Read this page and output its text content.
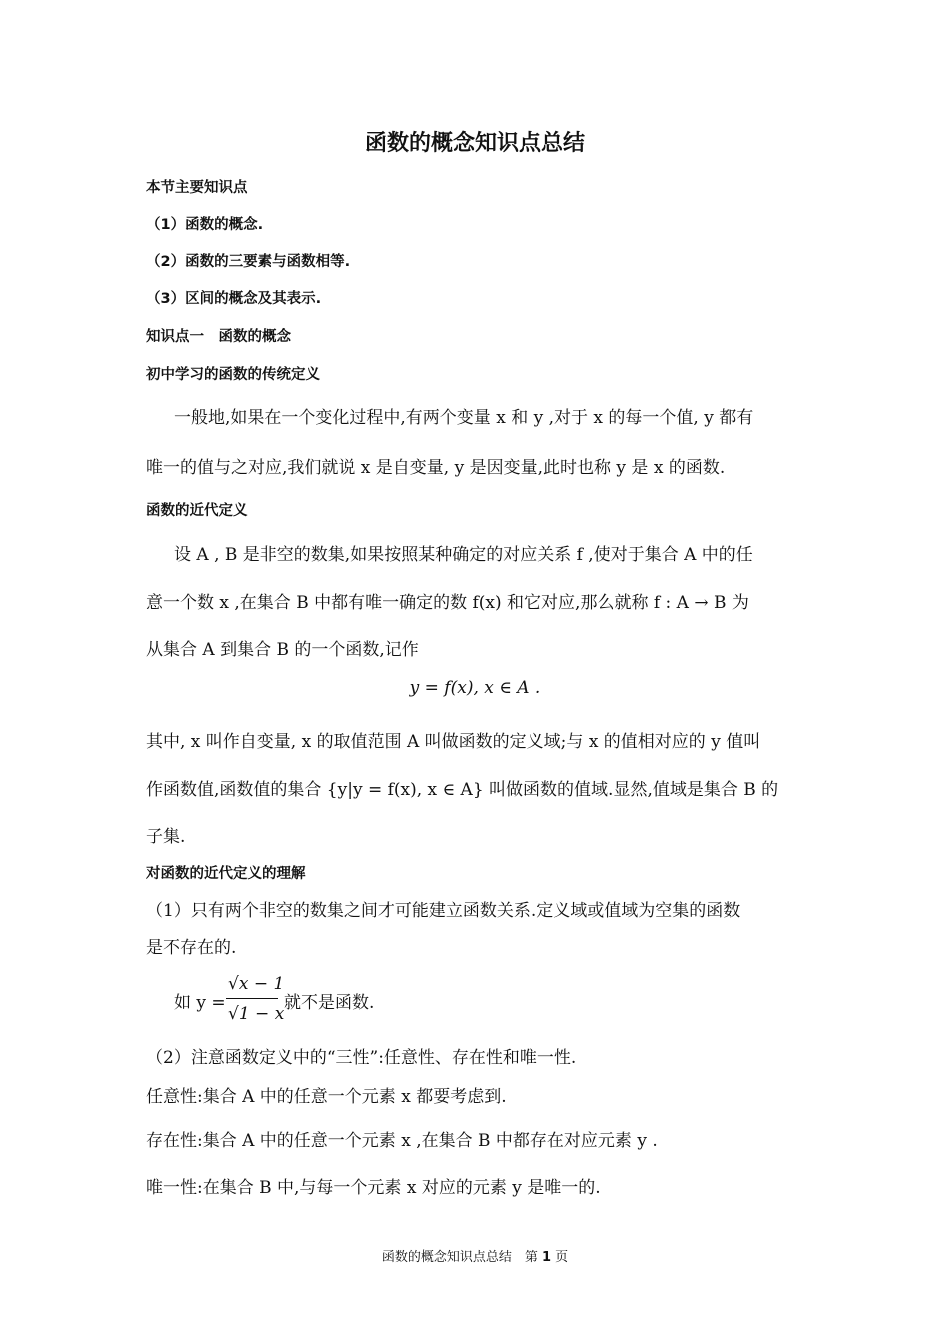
函数的概念知识点总结
本节主要知识点
（1）函数的概念.
（2）函数的三要素与函数相等.
（3）区间的概念及其表示.
知识点一　函数的概念
初中学习的函数的传统定义
一般地,如果在一个变化过程中,有两个变量 x 和 y ,对于 x 的每一个值, y 都有
唯一的值与之对应,我们就说 x 是自变量, y 是因变量,此时也称 y 是 x 的函数.
函数的近代定义
设 A , B 是非空的数集,如果按照某种确定的对应关系 f ,使对于集合 A 中的任
意一个数 x ,在集合 B 中都有唯一确定的数 f(x) 和它对应,那么就称 f : A → B 为
从集合 A 到集合 B 的一个函数,记作
y = f(x), x ∈ A .
其中, x 叫作自变量, x 的取值范围 A 叫做函数的定义域;与 x 的值相对应的 y 值叫
作函数值,函数值的集合 {y|y = f(x), x ∈ A} 叫做函数的值域.显然,值域是集合 B 的
子集.
对函数的近代定义的理解
（1）只有两个非空的数集之间才可能建立函数关系.定义域或值域为空集的函数
是不存在的.
如 y =
√x − 1
√1 − x
就不是函数.
（2）注意函数定义中的“三性”:任意性、存在性和唯一性.
任意性:集合 A 中的任意一个元素 x 都要考虑到.
存在性:集合 A 中的任意一个元素 x ,在集合 B 中都存在对应元素 y .
唯一性:在集合 B 中,与每一个元素 x 对应的元素 y 是唯一的.
函数的概念知识点总结　第 1 页
